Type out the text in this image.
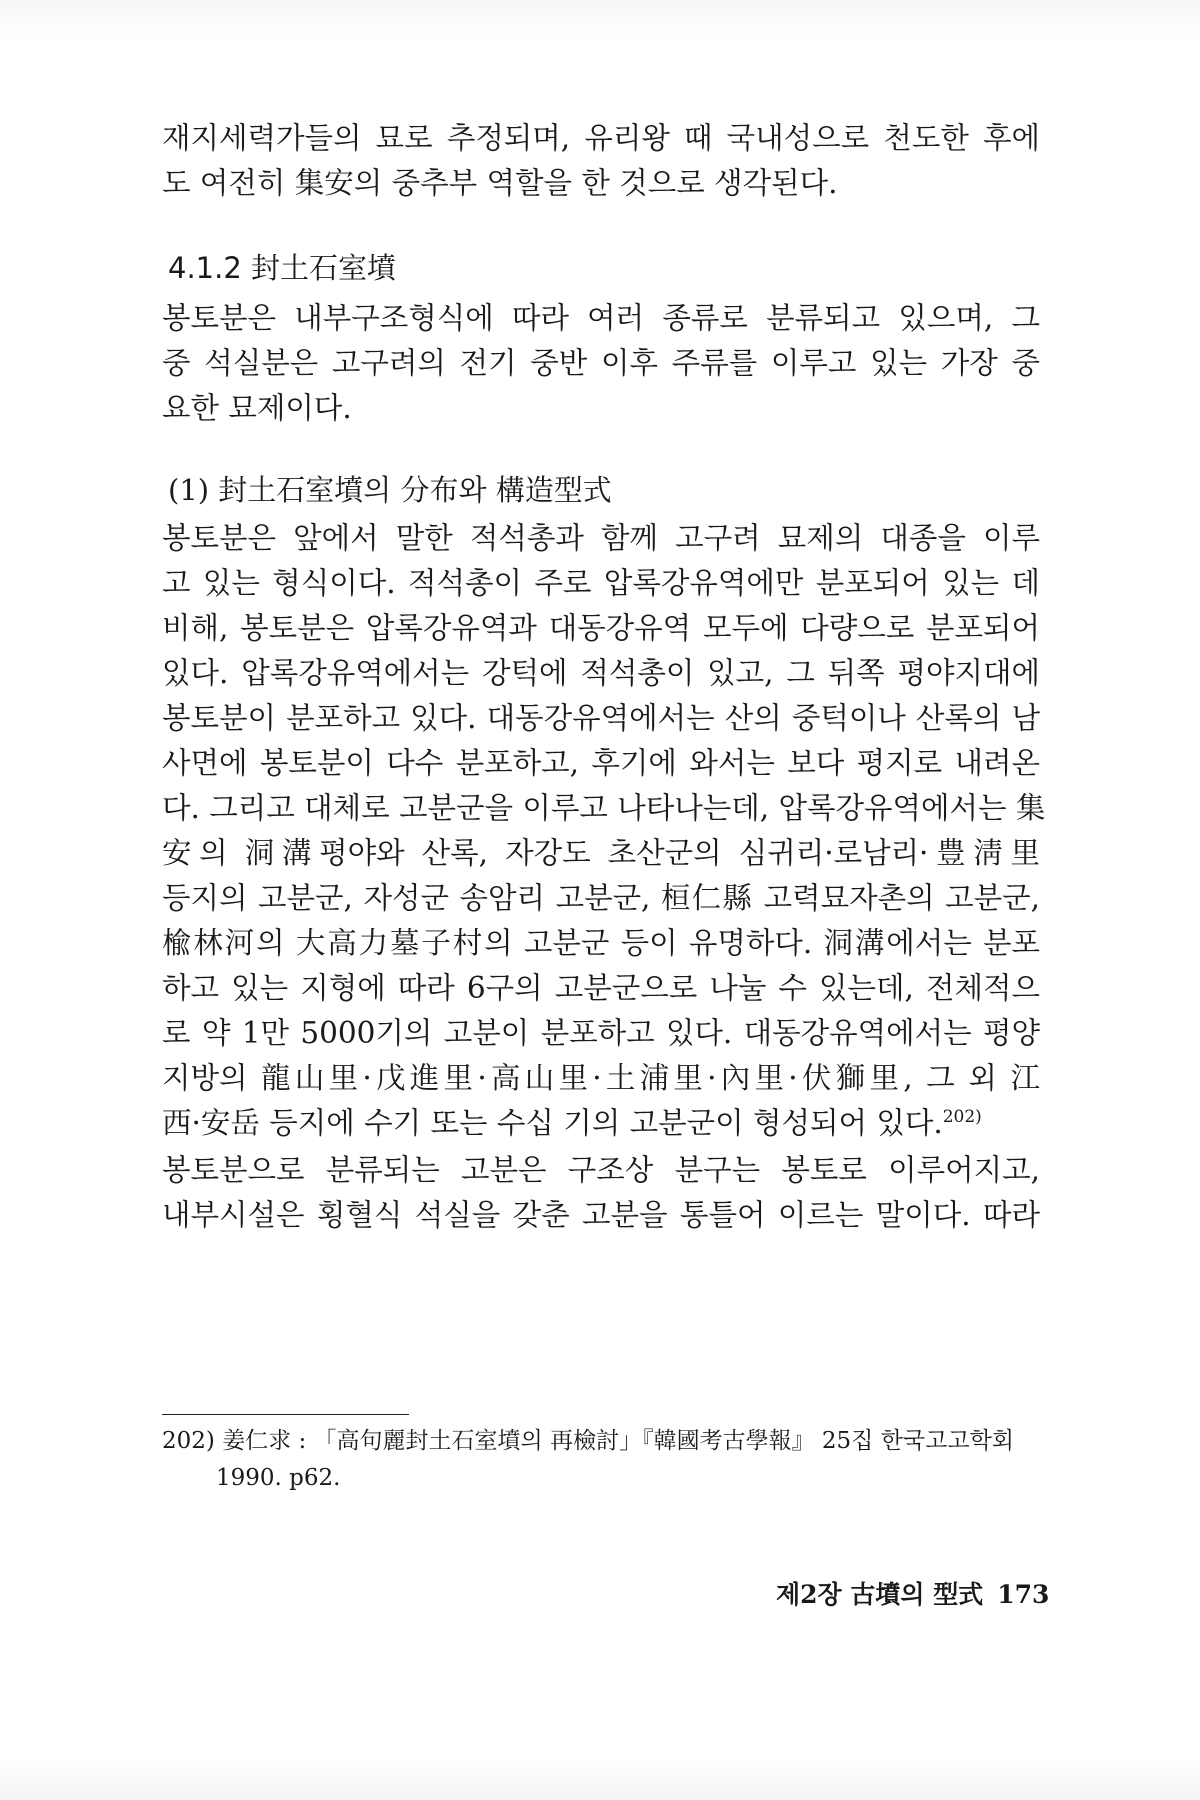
재지세력가들의 묘로 추정되며, 유리왕 때 국내성으로 천도한 후에
도 여전히 集安의 중추부 역할을 한 것으로 생각된다.
4.1.2 封土石室墳
봉토분은 내부구조형식에 따라 여러 종류로 분류되고 있으며, 그
중 석실분은 고구려의 전기 중반 이후 주류를 이루고 있는 가장 중
요한 묘제이다.
(1) 封土石室墳의 分布와 構造型式
봉토분은 앞에서 말한 적석총과 함께 고구려 묘제의 대종을 이루
고 있는 형식이다. 적석총이 주로 압록강유역에만 분포되어 있는 데
비해, 봉토분은 압록강유역과 대동강유역 모두에 다량으로 분포되어
있다. 압록강유역에서는 강턱에 적석총이 있고, 그 뒤쪽 평야지대에
봉토분이 분포하고 있다. 대동강유역에서는 산의 중턱이나 산록의 남
사면에 봉토분이 다수 분포하고, 후기에 와서는 보다 평지로 내려온
다. 그리고 대체로 고분군을 이루고 나타나는데, 압록강유역에서는 集
安의 洞溝평야와 산록, 자강도 초산군의 심귀리·로남리·豊淸里
등지의 고분군, 자성군 송암리 고분군, 桓仁縣 고력묘자촌의 고분군,
楡林河의 大高力墓子村의 고분군 등이 유명하다. 洞溝에서는 분포
하고 있는 지형에 따라 6구의 고분군으로 나눌 수 있는데, 전체적으
로 약 1만 5000기의 고분이 분포하고 있다. 대동강유역에서는 평양
지방의 龍山里·戊進里·高山里·土浦里·內里·伏獅里, 그 외 江
西·安岳 등지에 수기 또는 수십 기의 고분군이 형성되어 있다.$^{202)}$
봉토분으로 분류되는 고분은 구조상 분구는 봉토로 이루어지고,
내부시설은 횡혈식 석실을 갖춘 고분을 통틀어 이르는 말이다. 따라
202) 姜仁求 : 「高句麗封土石室墳의 再檢討」『韓國考古學報』 25집 한국고고학회
1990. p62.
제2장 古墳의 型式 173
